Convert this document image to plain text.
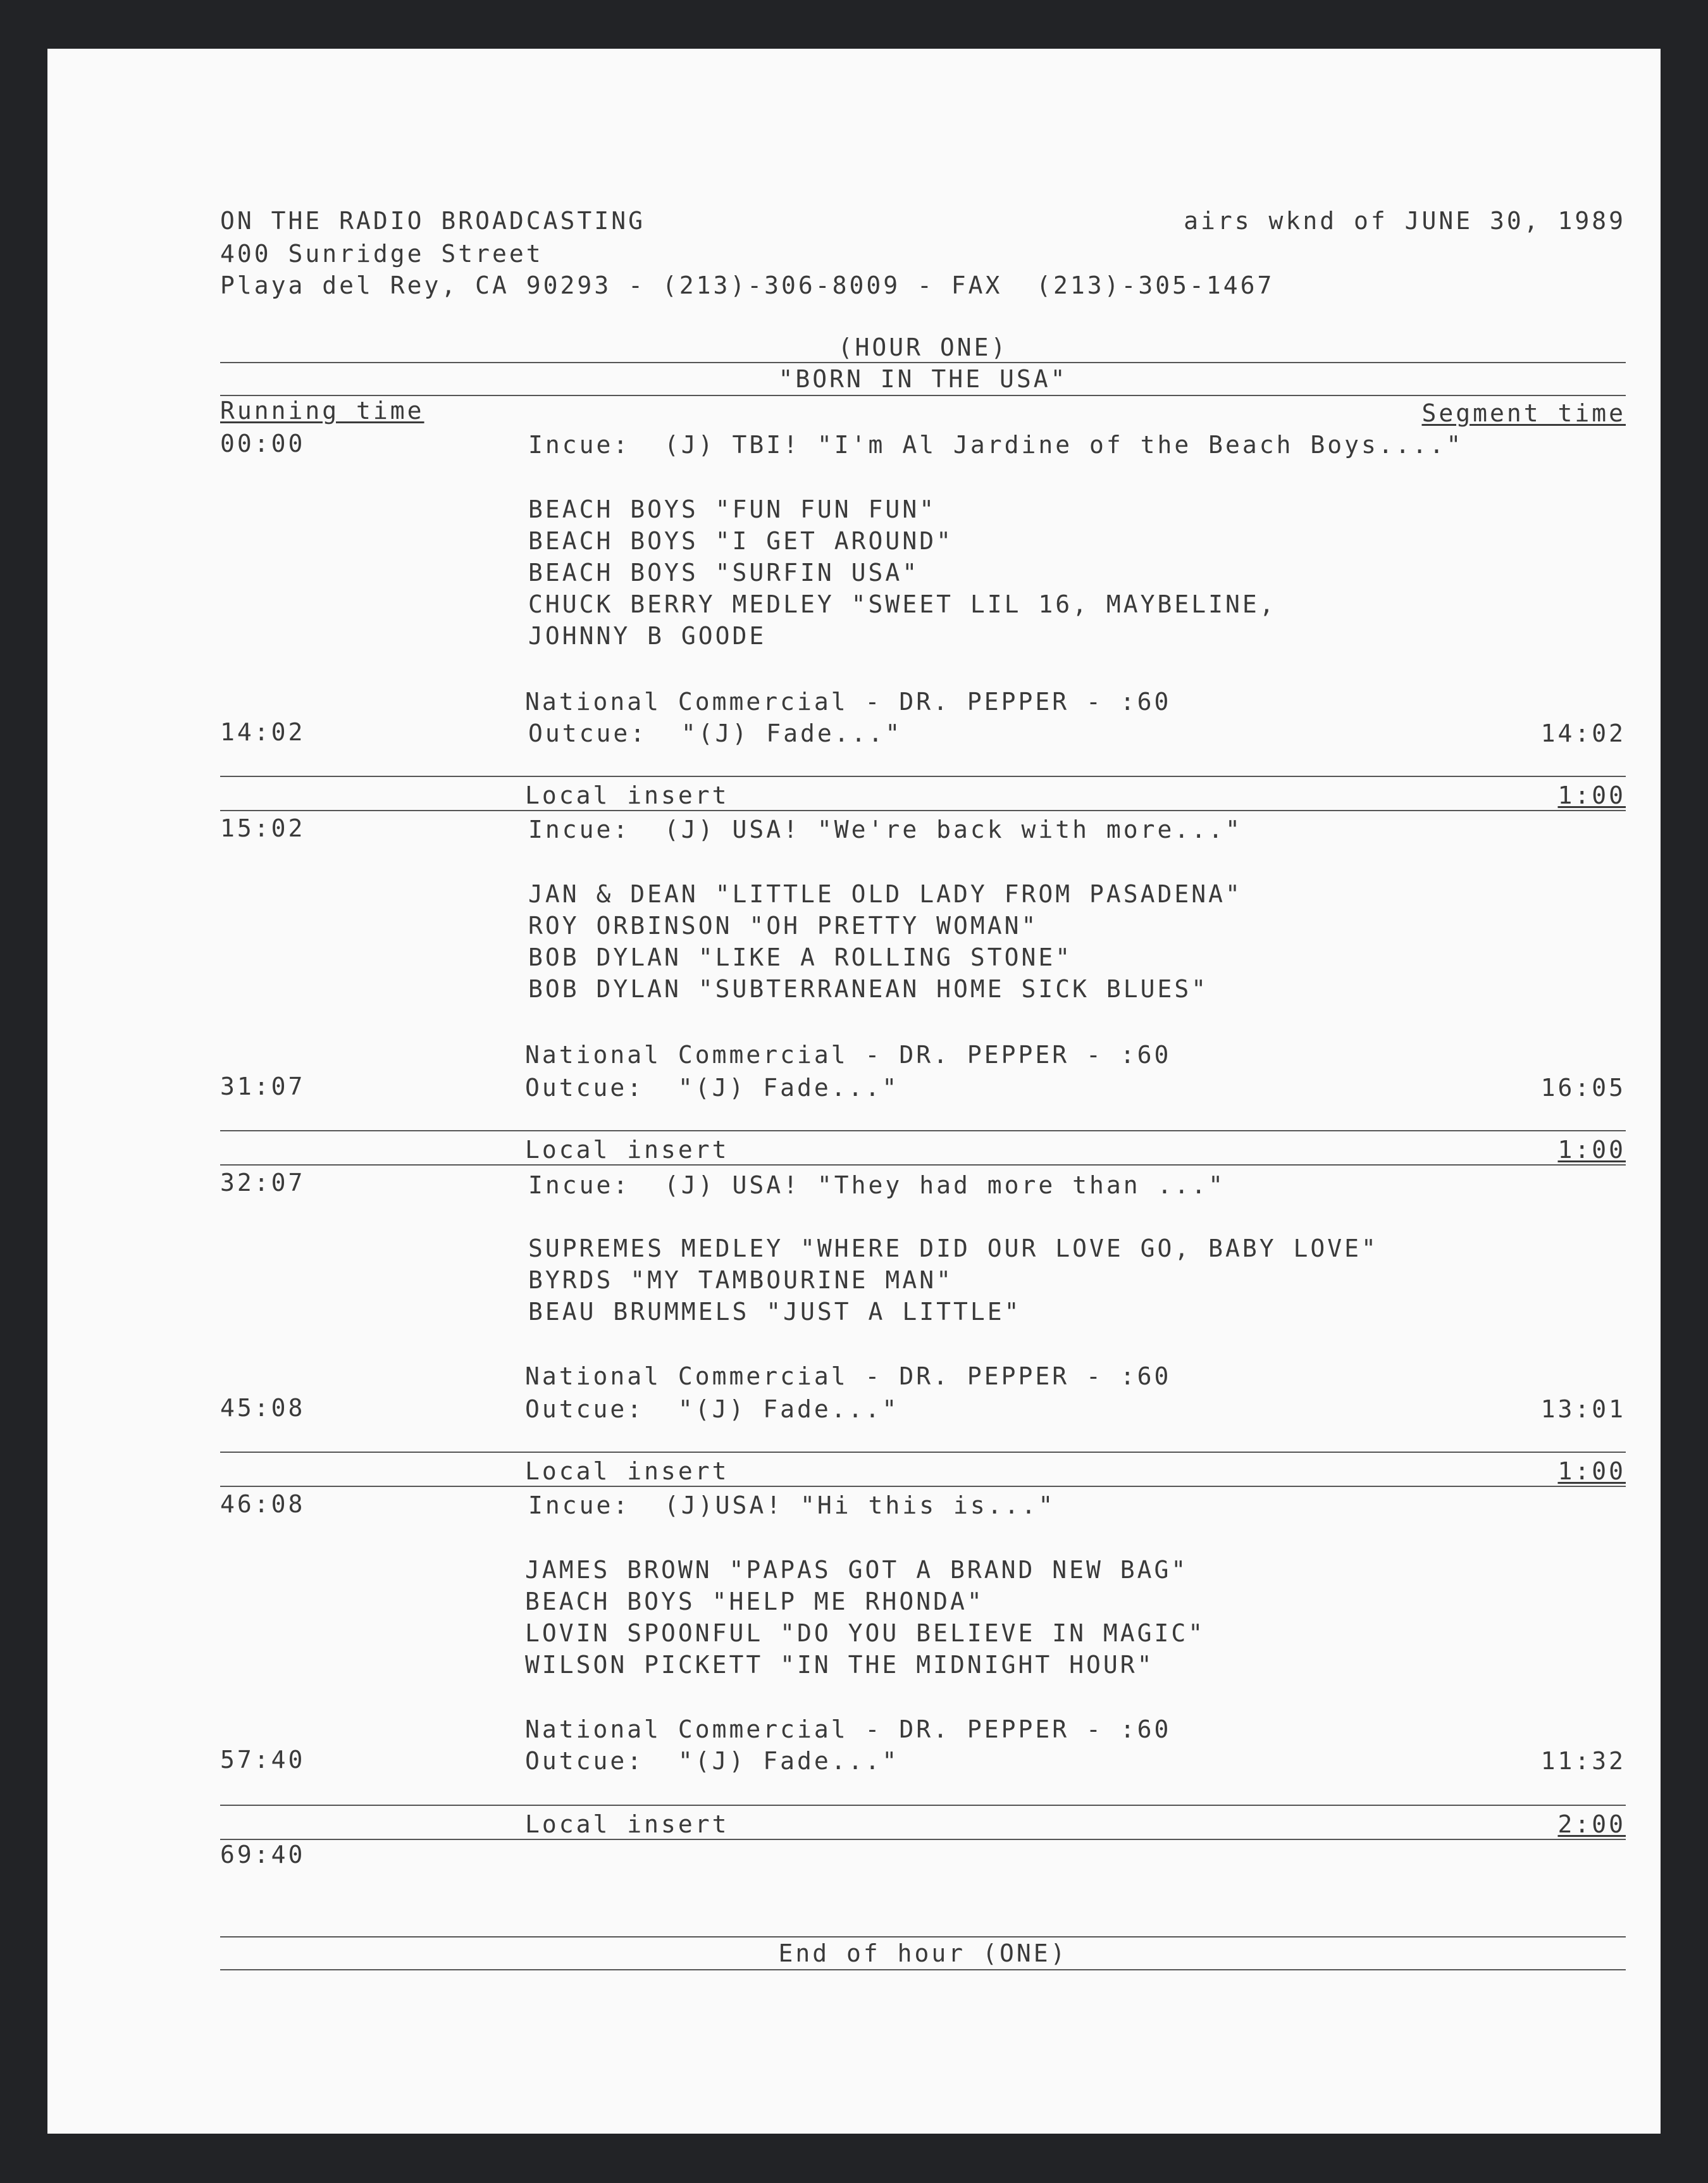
ON THE RADIO BROADCASTING	airs wknd of JUNE 30, 1989
400 Sunridge Street
Playa del Rey, CA 90293 - (213)-306-8009 - FAX  (213)-305-1467
(HOUR ONE)
"BORN IN THE USA"
Running time	Segment time
00:00	Incue:  (J) TBI! "I'm Al Jardine of the Beach Boys...."
BEACH BOYS "FUN FUN FUN"
BEACH BOYS "I GET AROUND"
BEACH BOYS "SURFIN USA"
CHUCK BERRY MEDLEY "SWEET LIL 16, MAYBELINE,
JOHNNY B GOODE
National Commercial - DR. PEPPER - :60
14:02	Outcue:  "(J) Fade..."	14:02
Local insert	1:00
15:02	Incue:  (J) USA! "We're back with more..."
JAN & DEAN "LITTLE OLD LADY FROM PASADENA"
ROY ORBINSON "OH PRETTY WOMAN"
BOB DYLAN "LIKE A ROLLING STONE"
BOB DYLAN "SUBTERRANEAN HOME SICK BLUES"
National Commercial - DR. PEPPER - :60
31:07	Outcue:  "(J) Fade..."	16:05
Local insert	1:00
32:07	Incue:  (J) USA! "They had more than ..."
SUPREMES MEDLEY "WHERE DID OUR LOVE GO, BABY LOVE"
BYRDS "MY TAMBOURINE MAN"
BEAU BRUMMELS "JUST A LITTLE"
National Commercial - DR. PEPPER - :60
45:08	Outcue:  "(J) Fade..."	13:01
Local insert	1:00
46:08	Incue:  (J)USA! "Hi this is..."
JAMES BROWN "PAPAS GOT A BRAND NEW BAG"
BEACH BOYS "HELP ME RHONDA"
LOVIN SPOONFUL "DO YOU BELIEVE IN MAGIC"
WILSON PICKETT "IN THE MIDNIGHT HOUR"
National Commercial - DR. PEPPER - :60
57:40	Outcue:  "(J) Fade..."	11:32
Local insert	2:00
69:40
End of hour (ONE)
